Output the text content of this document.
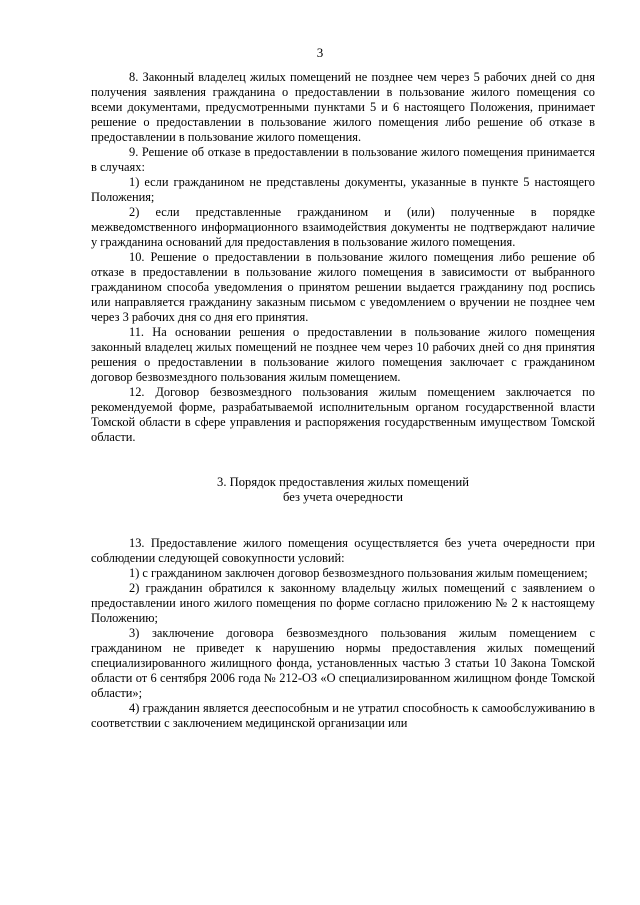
3

8. Законный владелец жилых помещений не позднее чем через 5 рабочих дней со дня получения заявления гражданина о предоставлении в пользование жилого помещения со всеми документами, предусмотренными пунктами 5 и 6 настоящего Положения, принимает решение о предоставлении в пользование жилого помещения либо решение об отказе в предоставлении в пользование жилого помещения.

9. Решение об отказе в предоставлении в пользование жилого помещения принимается в случаях:

1) если гражданином не представлены документы, указанные в пункте 5 настоящего Положения;

2) если представленные гражданином и (или) полученные в порядке межведомственного информационного взаимодействия документы не подтверждают наличие у гражданина оснований для предоставления в пользование жилого помещения.

10. Решение о предоставлении в пользование жилого помещения либо решение об отказе в предоставлении в пользование жилого помещения в зависимости от выбранного гражданином способа уведомления о принятом решении выдается гражданину под роспись или направляется гражданину заказным письмом с уведомлением о вручении не позднее чем через 3 рабочих дня со дня его принятия.

11. На основании решения о предоставлении в пользование жилого помещения законный владелец жилых помещений не позднее чем через 10 рабочих дней со дня принятия решения о предоставлении в пользование жилого помещения заключает с гражданином договор безвозмездного пользования жилым помещением.

12. Договор безвозмездного пользования жилым помещением заключается по рекомендуемой форме, разрабатываемой исполнительным органом государственной власти Томской области в сфере управления и распоряжения государственным имуществом Томской области.

3. Порядок предоставления жилых помещений
без учета очередности

13. Предоставление жилого помещения осуществляется без учета очередности при соблюдении следующей совокупности условий:

1) с гражданином заключен договор безвозмездного пользования жилым помещением;

2) гражданин обратился к законному владельцу жилых помещений с заявлением о предоставлении иного жилого помещения по форме согласно приложению № 2 к настоящему Положению;

3) заключение договора безвозмездного пользования жилым помещением с гражданином не приведет к нарушению нормы предоставления жилых помещений специализированного жилищного фонда, установленных частью 3 статьи 10 Закона Томской области от 6 сентября 2006 года № 212-ОЗ «О специализированном жилищном фонде Томской области»;

4) гражданин является дееспособным и не утратил способность к самообслуживанию в соответствии с заключением медицинской организации или
